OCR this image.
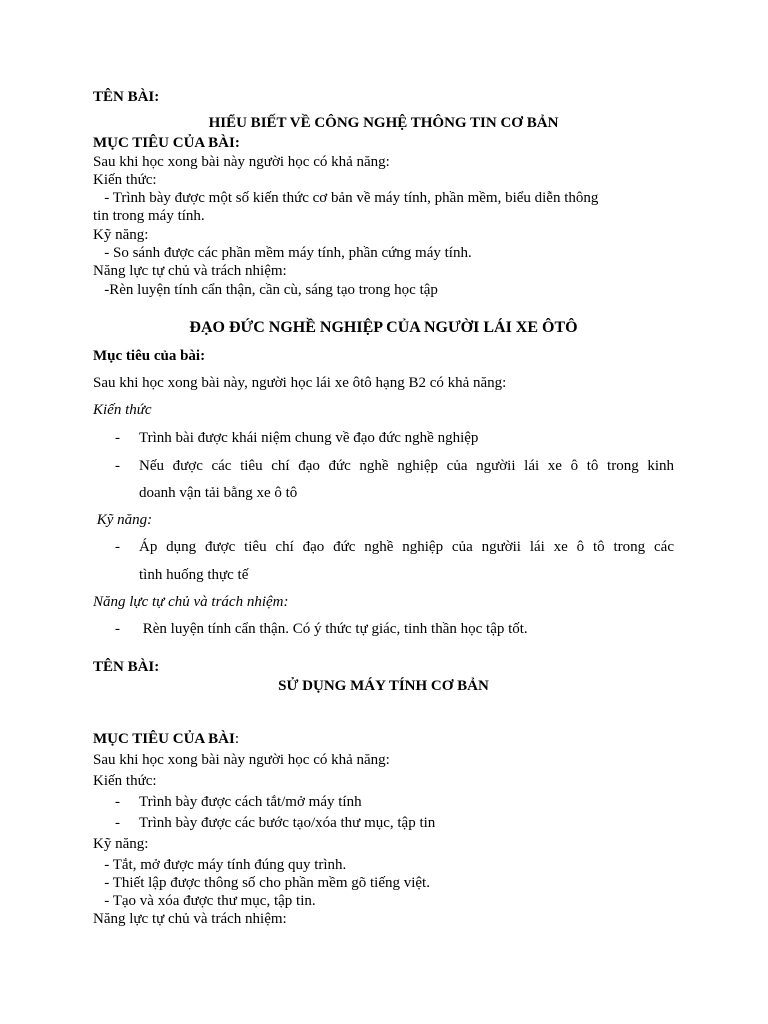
TÊN BÀI:
HIỂU BIẾT VỀ CÔNG NGHỆ THÔNG TIN CƠ BẢN
MỤC TIÊU CỦA BÀI:
Sau khi học xong bài này người học có khả năng:
Kiến thức:
- Trình bày được một số kiến thức cơ bản về máy tính, phần mềm, biểu diễn thông
tin trong máy tính.
Kỹ năng:
- So sánh được các phần mềm máy tính, phần cứng máy tính.
Năng lực tự chủ và trách nhiệm:
-Rèn luyện tính cẩn thận, cần cù, sáng tạo trong học tập
ĐẠO ĐỨC NGHỀ NGHIỆP CỦA NGƯỜI LÁI XE ÔTÔ
Mục tiêu của bài:
Sau khi học xong bài này, người học lái xe ôtô hạng B2 có khả năng:
Kiến thức
- Trình bài được khái niệm chung về đạo đức nghề nghiệp
- Nếu được các tiêu chí đạo đức nghề nghiệp của ngườii lái xe ô tô trong kinh
doanh vận tải bằng xe ô tô
Kỹ năng:
- Áp dụng được tiêu chí đạo đức nghề nghiệp của ngườii lái xe ô tô trong các
tình huống thực tế
Năng lực tự chủ và trách nhiệm:
- Rèn luyện tính cẩn thận. Có ý thức tự giác, tinh thần học tập tốt.
TÊN BÀI:
SỬ DỤNG MÁY TÍNH CƠ BẢN
MỤC TIÊU CỦA BÀI:
Sau khi học xong bài này người học có khả năng:
Kiến thức:
- Trình bày được cách tắt/mở máy tính
- Trình bày được các bước tạo/xóa thư mục, tập tin
Kỹ năng:
- Tắt, mở được máy tính đúng quy trình.
- Thiết lập được thông số cho phần mềm gõ tiếng việt.
- Tạo và xóa được thư mục, tập tin.
Năng lực tự chủ và trách nhiệm:
